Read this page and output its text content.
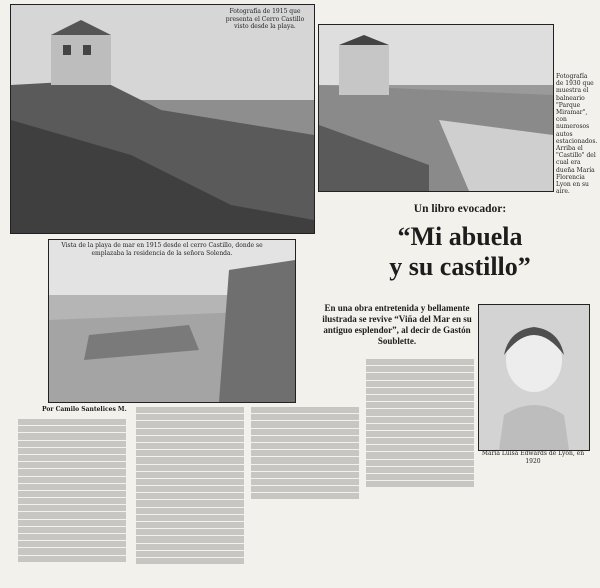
Fotografía de 1915 que presenta el Cerro Castillo visto desde la playa.
Fotografía de 1930 que muestra el balneario "Parque Miramar", con numerosos autos estacionados. Arriba el "Castillo" del cual era dueña María Florencia Lyon en su aire.
Vista de la playa de mar en 1915 desde el cerro Castillo, donde se emplazaba la residencia de la señora Solenda.
María Luisa Edwards de Lyon, en 1920
Un libro evocador:
“Mi abuela
y su castillo”
En una obra entretenida y bellamente ilustrada se revive “Viña del Mar en su antiguo esplendor”, al decir de Gastón Soublette.
Por Camilo Santelices M.
